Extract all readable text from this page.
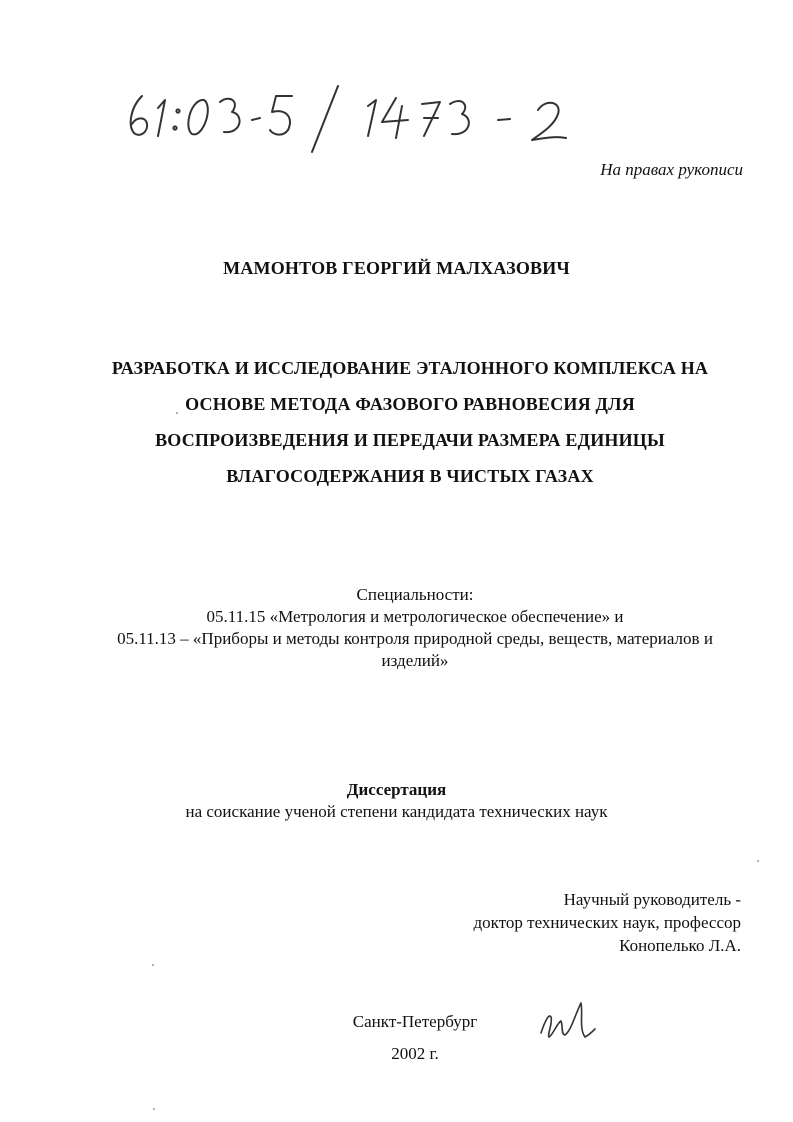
На правах рукописи
МАМОНТОВ ГЕОРГИЙ МАЛХАЗОВИЧ
РАЗРАБОТКА И ИССЛЕДОВАНИЕ ЭТАЛОННОГО КОМПЛЕКСА НА
ОСНОВЕ МЕТОДА ФАЗОВОГО РАВНОВЕСИЯ ДЛЯ
ВОСПРОИЗВЕДЕНИЯ И ПЕРЕДАЧИ РАЗМЕРА ЕДИНИЦЫ
ВЛАГОСОДЕРЖАНИЯ В ЧИСТЫХ ГАЗАХ
Специальности:
05.11.15 «Метрология и метрологическое обеспечение» и
05.11.13 – «Приборы и методы контроля природной среды, веществ, материалов и
изделий»
Диссертация
на соискание ученой степени кандидата технических наук
Научный руководитель -
доктор технических наук, профессор
Конопелько Л.А.
Санкт-Петербург
2002 г.
